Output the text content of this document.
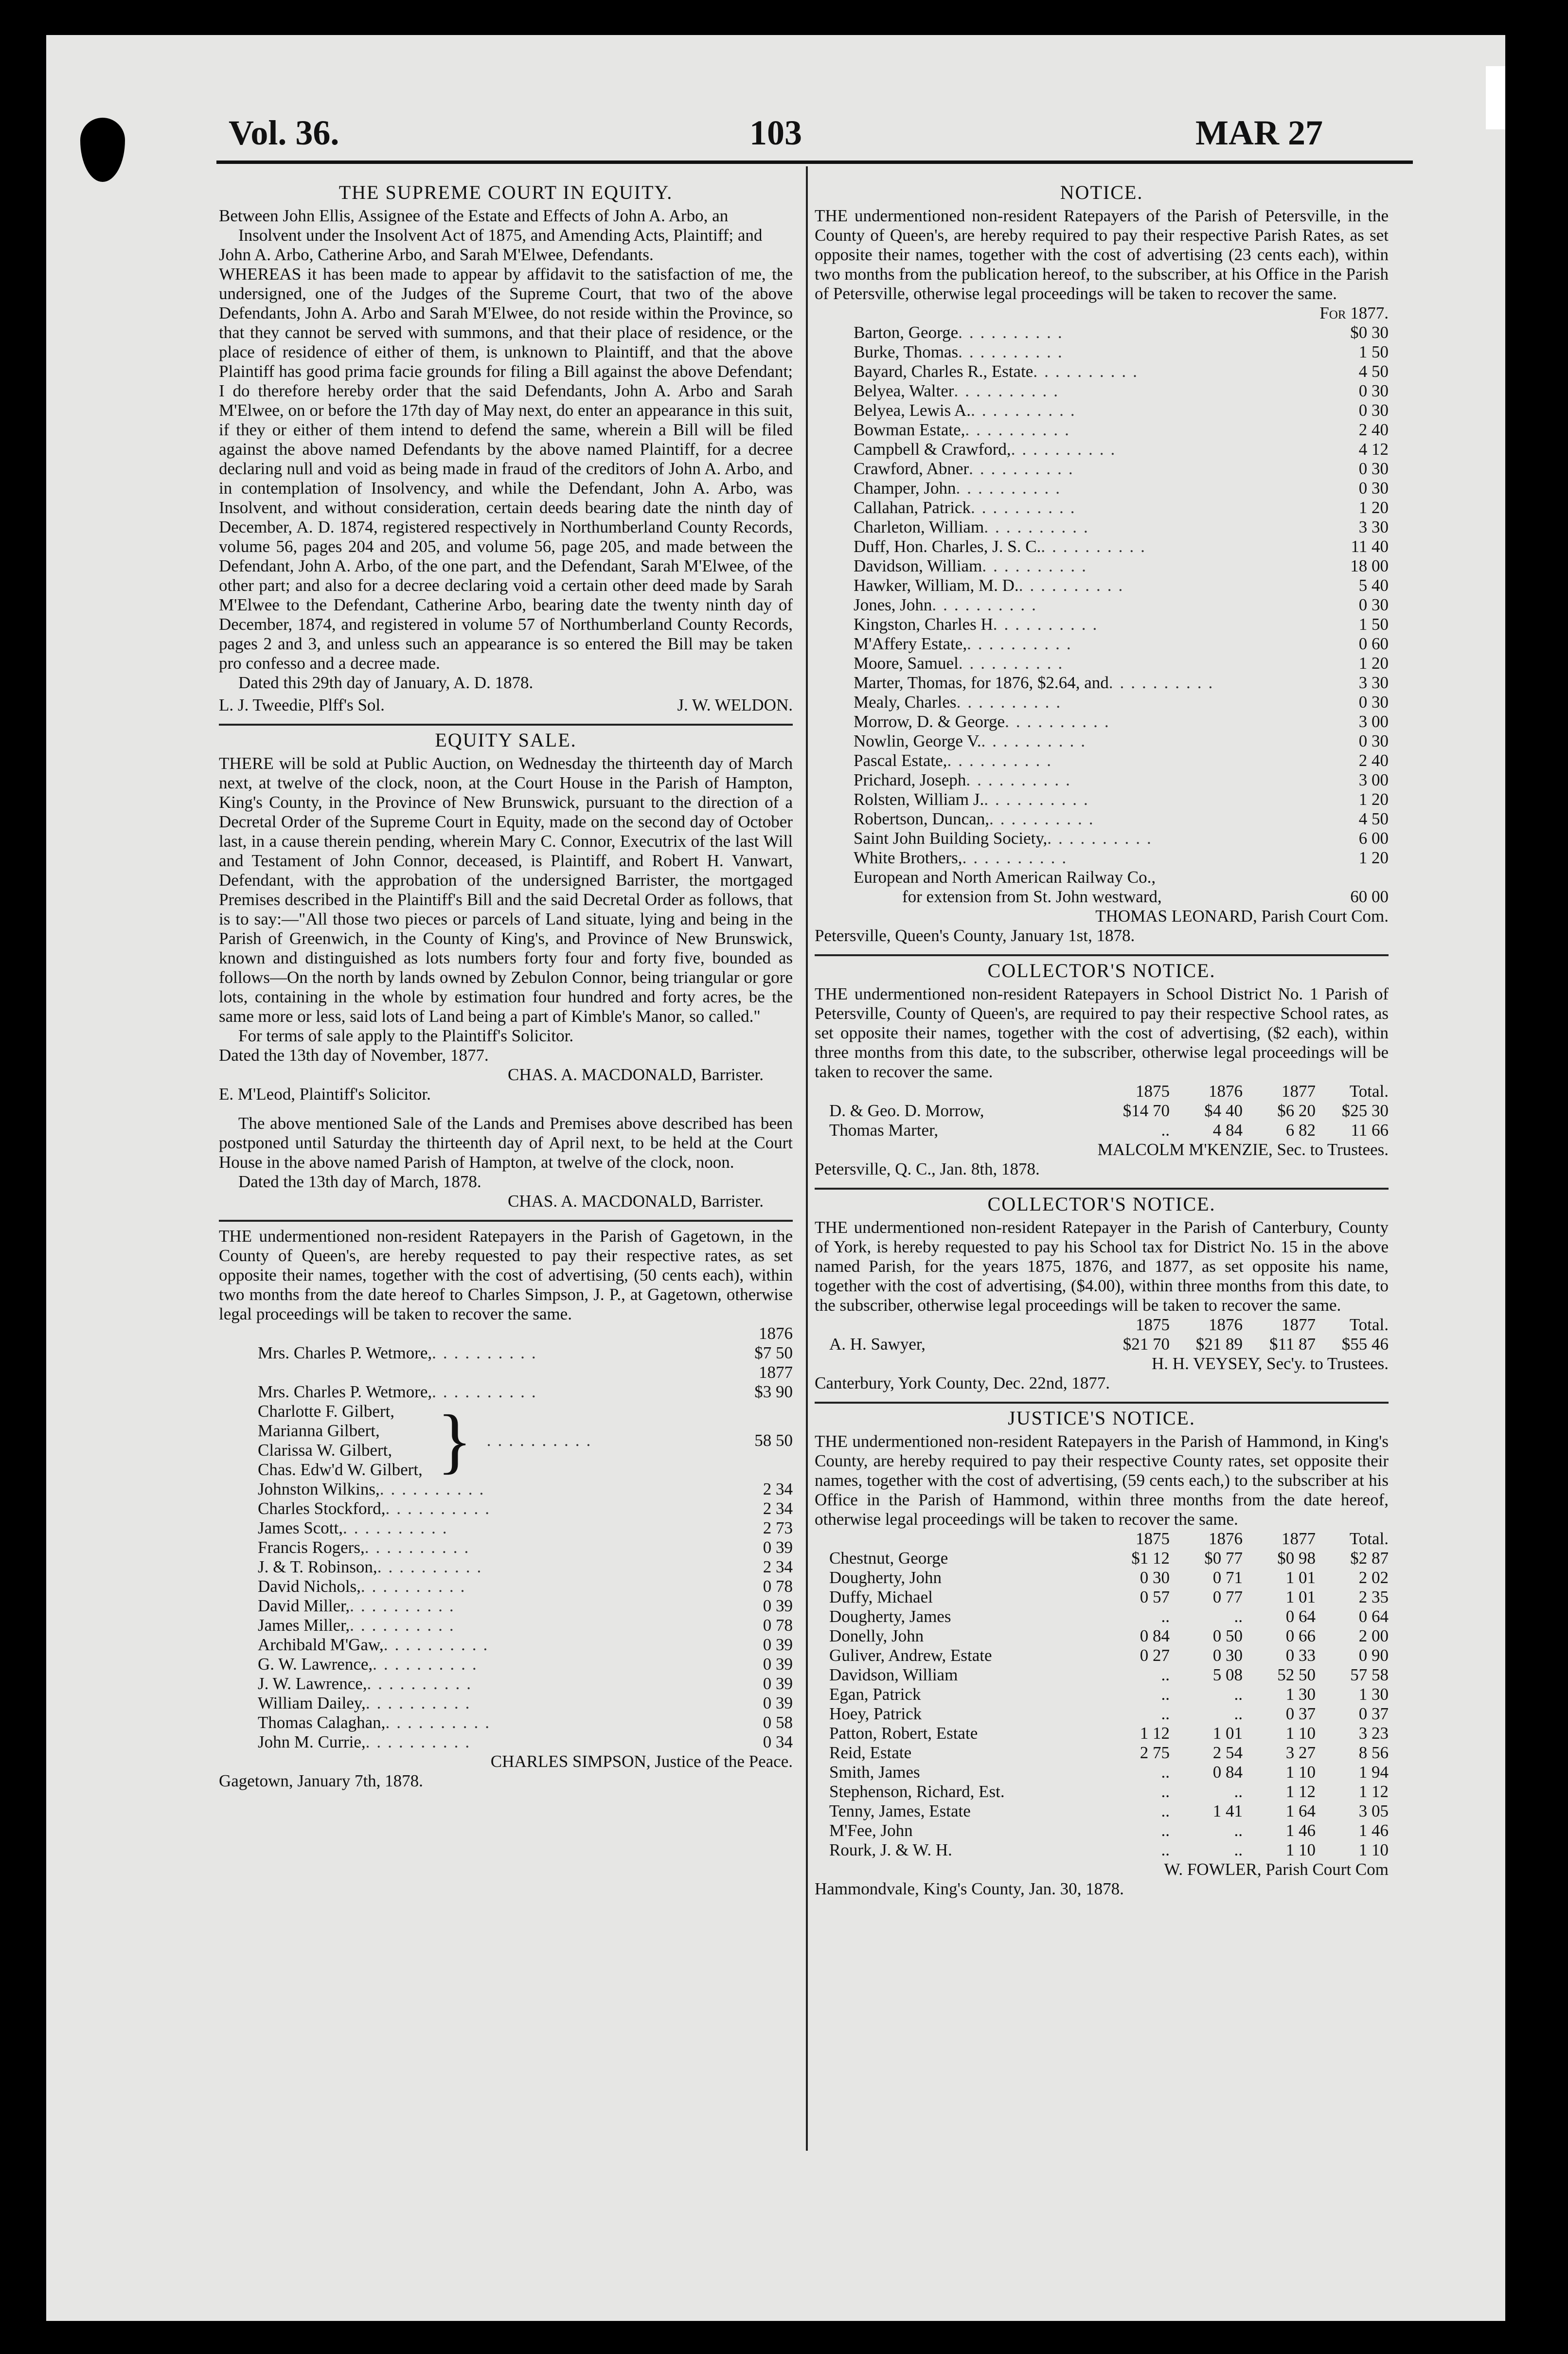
Vol. 36.	103	MAR 27
THE SUPREME COURT IN EQUITY.

Between John Ellis, Assignee of the Estate and Effects of John A. Arbo, an Insolvent under the Insolvent Act of 1875, and Amending Acts, Plaintiff; and

John A. Arbo, Catherine Arbo, and Sarah M'Elwee, Defendants.

WHEREAS it has been made to appear by affidavit to the satisfaction of me, the undersigned, one of the Judges of the Supreme Court, that two of the above Defendants, John A. Arbo and Sarah M'Elwee, do not reside within the Province, so that they cannot be served with summons, and that their place of residence, or the place of residence of either of them, is unknown to Plaintiff, and that the above Plaintiff has good prima facie grounds for filing a Bill against the above Defendant; I do therefore hereby order that the said Defendants, John A. Arbo and Sarah M'Elwee, on or before the 17th day of May next, do enter an appearance in this suit, if they or either of them intend to defend the same, wherein a Bill will be filed against the above named Defendants by the above named Plaintiff, for a decree declaring null and void as being made in fraud of the creditors of John A. Arbo, and in contemplation of Insolvency, and while the Defendant, John A. Arbo, was Insolvent, and without consideration, certain deeds bearing date the ninth day of December, A. D. 1874, registered respectively in Northumberland County Records, volume 56, pages 204 and 205, and volume 56, page 205, and made between the Defendant, John A. Arbo, of the one part, and the Defendant, Sarah M'Elwee, of the other part; and also for a decree declaring void a certain other deed made by Sarah M'Elwee to the Defendant, Catherine Arbo, bearing date the twenty ninth day of December, 1874, and registered in volume 57 of Northumberland County Records, pages 2 and 3, and unless such an appearance is so entered the Bill may be taken pro confesso and a decree made.

Dated this 29th day of January, A. D. 1878.

L. J. Tweedie, Plff's Sol.	J. W. WELDON.
EQUITY SALE.

THERE will be sold at Public Auction, on Wednesday the thirteenth day of March next, at twelve of the clock, noon, at the Court House in the Parish of Hampton, King's County, in the Province of New Brunswick, pursuant to the direction of a Decretal Order of the Supreme Court in Equity, made on the second day of October last, in a cause therein pending, wherein Mary C. Connor, Executrix of the last Will and Testament of John Connor, deceased, is Plaintiff, and Robert H. Vanwart, Defendant, with the approbation of the undersigned Barrister, the mortgaged Premises described in the Plaintiff's Bill and the said Decretal Order as follows, that is to say:—"All those two pieces or parcels of Land situate, lying and being in the Parish of Greenwich, in the County of King's, and Province of New Brunswick, known and distinguished as lots numbers forty four and forty five, bounded as follows—On the north by lands owned by Zebulon Connor, being triangular or gore lots, containing in the whole by estimation four hundred and forty acres, be the same more or less, said lots of Land being a part of Kimble's Manor, so called."

For terms of sale apply to the Plaintiff's Solicitor.

Dated the 13th day of November, 1877.

CHAS. A. MACDONALD, Barrister.
E. M'Leod, Plaintiff's Solicitor.

The above mentioned Sale of the Lands and Premises above described has been postponed until Saturday the thirteenth day of April next, to be held at the Court House in the above named Parish of Hampton, at twelve of the clock, noon.

Dated the 13th day of March, 1878.

CHAS. A. MACDONALD, Barrister.

THE undermentioned non-resident Ratepayers in the Parish of Gagetown, in the County of Queen's, are hereby requested to pay their respective rates, as set opposite their names, together with the cost of advertising, (50 cents each), within two months from the date hereof to Charles Simpson, J. P., at Gagetown, otherwise legal proceedings will be taken to recover the same.

1876
Mrs. Charles P. Wetmore, ..........	$7 50
1877
Mrs. Charles P. Wetmore, ..........	$3 90
Charlotte F. Gilbert,
Marianna Gilbert,
Clarissa W. Gilbert,
Chas. Edw'd W. Gilbert, } ..........	58 50
Johnston Wilkins, ..........	2 34
Charles Stockford, ..........	2 34
James Scott, ..........	2 73
Francis Rogers, ..........	0 39
J. & T. Robinson, ..........	2 34
David Nichols, ..........	0 78
David Miller, ..........	0 39
James Miller, ..........	0 78
Archibald M'Gaw, ..........	0 39
G. W. Lawrence, ..........	0 39
J. W. Lawrence, ..........	0 39
William Dailey, ..........	0 39
Thomas Calaghan, ..........	0 58
John M. Currie, ..........	0 34
CHARLES SIMPSON, Justice of the Peace.
Gagetown, January 7th, 1878.
NOTICE.

THE undermentioned non-resident Ratepayers of the Parish of Petersville, in the County of Queen's, are hereby required to pay their respective Parish Rates, as set opposite their names, together with the cost of advertising (23 cents each), within two months from the publication hereof, to the subscriber, at his Office in the Parish of Petersville, otherwise legal proceedings will be taken to recover the same.

For 1877.
Barton, George ..........	$0 30
Burke, Thomas ..........	1 50
Bayard, Charles R., Estate ..........	4 50
Belyea, Walter ..........	0 30
Belyea, Lewis A. ..........	0 30
Bowman Estate, ..........	2 40
Campbell & Crawford, ..........	4 12
Crawford, Abner ..........	0 30
Champer, John ..........	0 30
Callahan, Patrick ..........	1 20
Charleton, William ..........	3 30
Duff, Hon. Charles, J. S. C. ..........	11 40
Davidson, William ..........	18 00
Hawker, William, M. D. ..........	5 40
Jones, John ..........	0 30
Kingston, Charles H ..........	1 50
M'Affery Estate, ..........	0 60
Moore, Samuel ..........	1 20
Marter, Thomas, for 1876, $2.64, and ..........	3 30
Mealy, Charles ..........	0 30
Morrow, D. & George ..........	3 00
Nowlin, George V. ..........	0 30
Pascal Estate, ..........	2 40
Prichard, Joseph ..........	3 00
Rolsten, William J. ..........	1 20
Robertson, Duncan, ..........	4 50
Saint John Building Society, ..........	6 00
White Brothers, ..........	1 20
European and North American Railway Co.,
for extension from St. John westward,	60 00
THOMAS LEONARD, Parish Court Com.
Petersville, Queen's County, January 1st, 1878.
COLLECTOR'S NOTICE.

THE undermentioned non-resident Ratepayers in School District No. 1 Parish of Petersville, County of Queen's, are required to pay their respective School rates, as set opposite their names, together with the cost of advertising, ($2 each), within three months from this date, to the subscriber, otherwise legal proceedings will be taken to recover the same.

1875	1876	1877	Total.
D. & Geo. D. Morrow,	$14 70	$4 40	$6 20	$25 30
Thomas Marter,	..	4 84	6 82	11 66
MALCOLM M'KENZIE, Sec. to Trustees.
Petersville, Q. C., Jan. 8th, 1878.
COLLECTOR'S NOTICE.

THE undermentioned non-resident Ratepayer in the Parish of Canterbury, County of York, is hereby requested to pay his School tax for District No. 15 in the above named Parish, for the years 1875, 1876, and 1877, as set opposite his name, together with the cost of advertising, ($4.00), within three months from this date, to the subscriber, otherwise legal proceedings will be taken to recover the same.

1875	1876	1877	Total.
A. H. Sawyer,	$21 70	$21 89	$11 87	$55 46
H. H. VEYSEY, Sec'y. to Trustees.
Canterbury, York County, Dec. 22nd, 1877.
JUSTICE'S NOTICE.

THE undermentioned non-resident Ratepayers in the Parish of Hammond, in King's County, are hereby required to pay their respective County rates, set opposite their names, together with the cost of advertising, (59 cents each,) to the subscriber at his Office in the Parish of Hammond, within three months from the date hereof, otherwise legal proceedings will be taken to recover the same.

1875	1876	1877	Total.
Chestnut, George	$1 12	$0 77	$0 98	$2 87
Dougherty, John	0 30	0 71	1 01	2 02
Duffy, Michael	0 57	0 77	1 01	2 35
Dougherty, James	..	..	0 64	0 64
Donelly, John	0 84	0 50	0 66	2 00
Guliver, Andrew, Estate	0 27	0 30	0 33	0 90
Davidson, William	..	5 08	52 50	57 58
Egan, Patrick	..	..	1 30	1 30
Hoey, Patrick	..	..	0 37	0 37
Patton, Robert, Estate	1 12	1 01	1 10	3 23
Reid, Estate	2 75	2 54	3 27	8 56
Smith, James	..	0 84	1 10	1 94
Stephenson, Richard, Est.	..	..	1 12	1 12
Tenny, James, Estate	..	1 41	1 64	3 05
M'Fee, John	..	..	1 46	1 46
Rourk, J. & W. H.	..	..	1 10	1 10
W. FOWLER, Parish Court Com
Hammondvale, King's County, Jan. 30, 1878.
